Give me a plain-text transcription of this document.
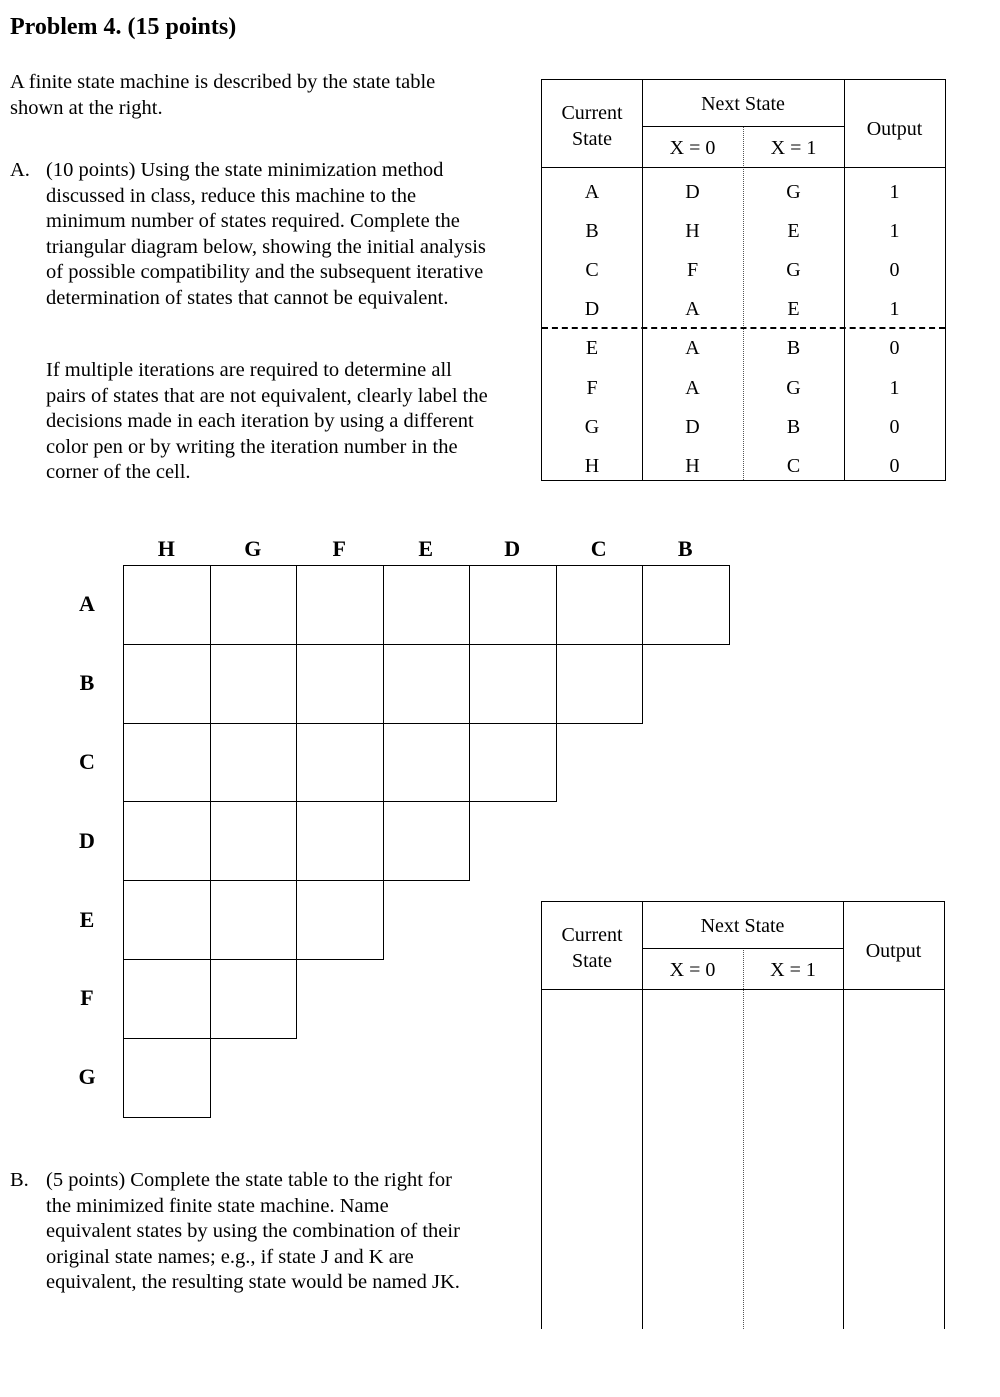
Problem 4. (15 points)
A finite state machine is described by the state table shown at the right.
A. (10 points) Using the state minimization method discussed in class, reduce this machine to the minimum number of states required. Complete the triangular diagram below, showing the initial analysis of possible compatibility and the subsequent iterative determination of states that cannot be equivalent.
If multiple iterations are required to determine all pairs of states that are not equivalent, clearly label the decisions made in each iteration by using a different color pen or by writing the iteration number in the corner of the cell.
B. (5 points) Complete the state table to the right for the minimized finite state machine. Name equivalent states by using the combination of their original state names; e.g., if state J and K are equivalent, the resulting state would be named JK.
Current State
Next State
X = 0	X = 1
Output
A	D	G	1
B	H	E	1
C	F	G	0
D	A	E	1
E	A	B	0
F	A	G	1
G	D	B	0
H	H	C	0
Current State
Next State
X = 0	X = 1
Output
H	G	F	E	D	C	B
A
B
C
D
E
F
G
